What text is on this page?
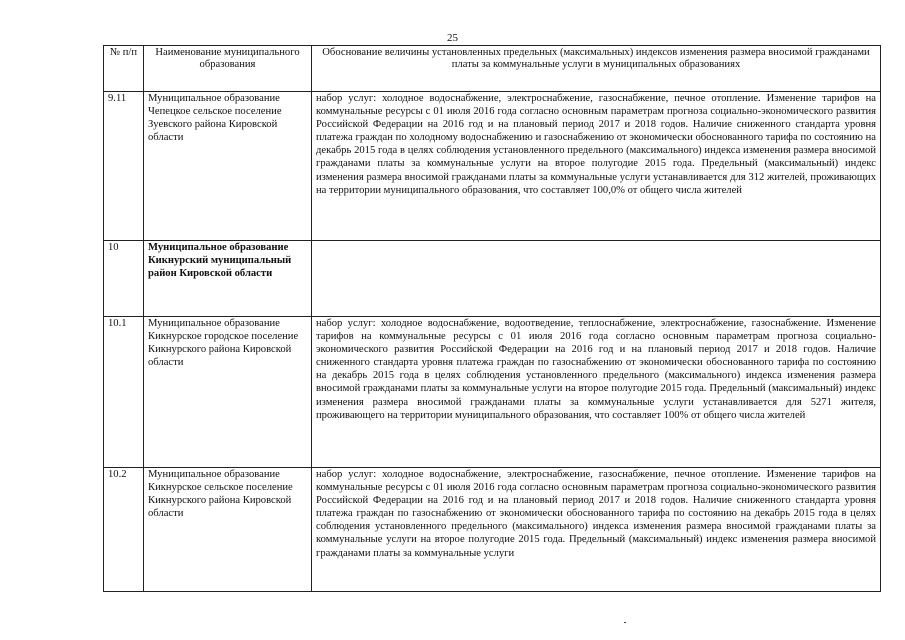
25
№ п/п	Наименование муниципального образования	Обоснование величины установленных предельных (максимальных) индексов изменения размера вносимой гражданами платы за коммунальные услуги в муниципальных образованиях
9.11	Муниципальное образование Чепецкое сельское поселение Зуевского района Кировской области	набор услуг: холодное водоснабжение, электроснабжение, газоснабжение, печное отопление. Изменение тарифов на коммунальные ресурсы с 01 июля 2016 года согласно основным параметрам прогноза социально-экономического развития Российской Федерации на 2016 год и на плановый период 2017 и 2018 годов. Наличие сниженного стандарта уровня платежа граждан по холодному водоснабжению и газоснабжению от экономически обоснованного тарифа по состоянию на декабрь 2015 года в целях соблюдения установленного предельного (максимального) индекса изменения размера вносимой гражданами платы за коммунальные услуги на второе полугодие 2015 года. Предельный (максимальный) индекс изменения размера вносимой гражданами платы за коммунальные услуги устанавливается для 312 жителей, проживающих на территории муниципального образования, что составляет 100,0% от общего числа жителей
10	Муниципальное образование Кикнурский муниципальный район Кировской области	
10.1	Муниципальное образование Кикнурское городское поселение Кикнурского района Кировской области	набор услуг: холодное водоснабжение, водоотведение, теплоснабжение, электроснабжение, газоснабжение. Изменение тарифов на коммунальные ресурсы с 01 июля 2016 года согласно основным параметрам прогноза социально-экономического развития Российской Федерации на 2016 год и на плановый период 2017 и 2018 годов. Наличие сниженного стандарта уровня платежа граждан по газоснабжению от экономически обоснованного тарифа по состоянию на декабрь 2015 года в целях соблюдения установленного предельного (максимального) индекса изменения размера вносимой гражданами платы за коммунальные услуги на второе полугодие 2015 года. Предельный (максимальный) индекс изменения размера вносимой гражданами платы за коммунальные услуги устанавливается для 5271 жителя, проживающего на территории муниципального образования, что составляет 100% от общего числа жителей
10.2	Муниципальное образование Кикнурское сельское поселение Кикнурского района Кировской области	набор услуг: холодное водоснабжение, электроснабжение, газоснабжение, печное отопление. Изменение тарифов на коммунальные ресурсы с 01 июля 2016 года согласно основным параметрам прогноза социально-экономического развития Российской Федерации на 2016 год и на плановый период 2017 и 2018 годов. Наличие сниженного стандарта уровня платежа граждан по газоснабжению от экономически обоснованного тарифа по состоянию на декабрь 2015 года в целях соблюдения установленного предельного (максимального) индекса изменения размера вносимой гражданами платы за коммунальные услуги на второе полугодие 2015 года. Предельный (максимальный) индекс изменения размера вносимой гражданами платы за коммунальные услуги
